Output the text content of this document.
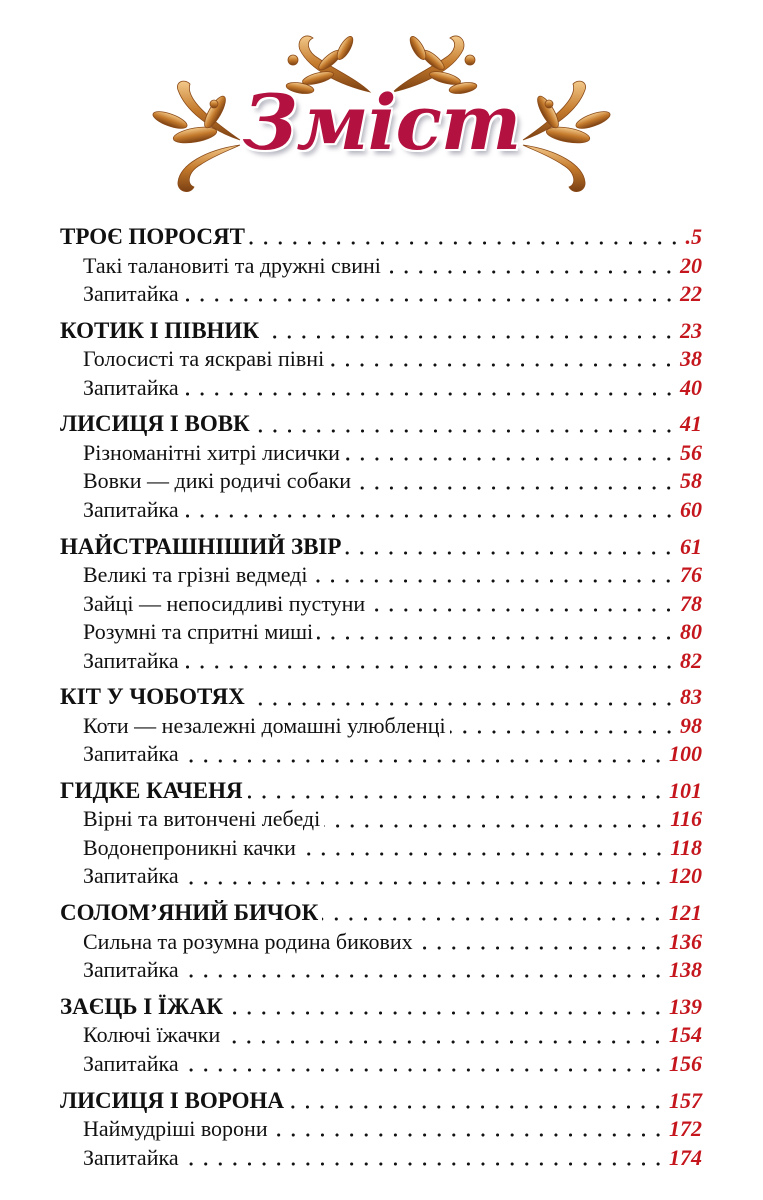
Зміст
ТРОЄ ПОРОСЯТ	.5
Такі талановиті та дружні свині	20
Запитайка	22
КОТИК І ПІВНИК	23
Голосисті та яскраві півні	38
Запитайка	40
ЛИСИЦЯ І ВОВК	41
Різноманітні хитрі лисички	56
Вовки — дикі родичі собаки	58
Запитайка	60
НАЙСТРАШНІШИЙ ЗВІР	61
Великі та грізні ведмеді	76
Зайці — непосидливі пустуни	78
Розумні та спритні миші	80
Запитайка	82
КІТ У ЧОБОТЯХ	83
Коти — незалежні домашні улюбленці	98
Запитайка	100
ГИДКЕ КАЧЕНЯ	101
Вірні та витончені лебеді	116
Водонепроникні качки	118
Запитайка	120
СОЛОМ’ЯНИЙ БИЧОК	121
Сильна та розумна родина бикових	136
Запитайка	138
ЗАЄЦЬ І ЇЖАК	139
Колючі їжачки	154
Запитайка	156
ЛИСИЦЯ І ВОРОНА	157
Наймудріші ворони	172
Запитайка	174
